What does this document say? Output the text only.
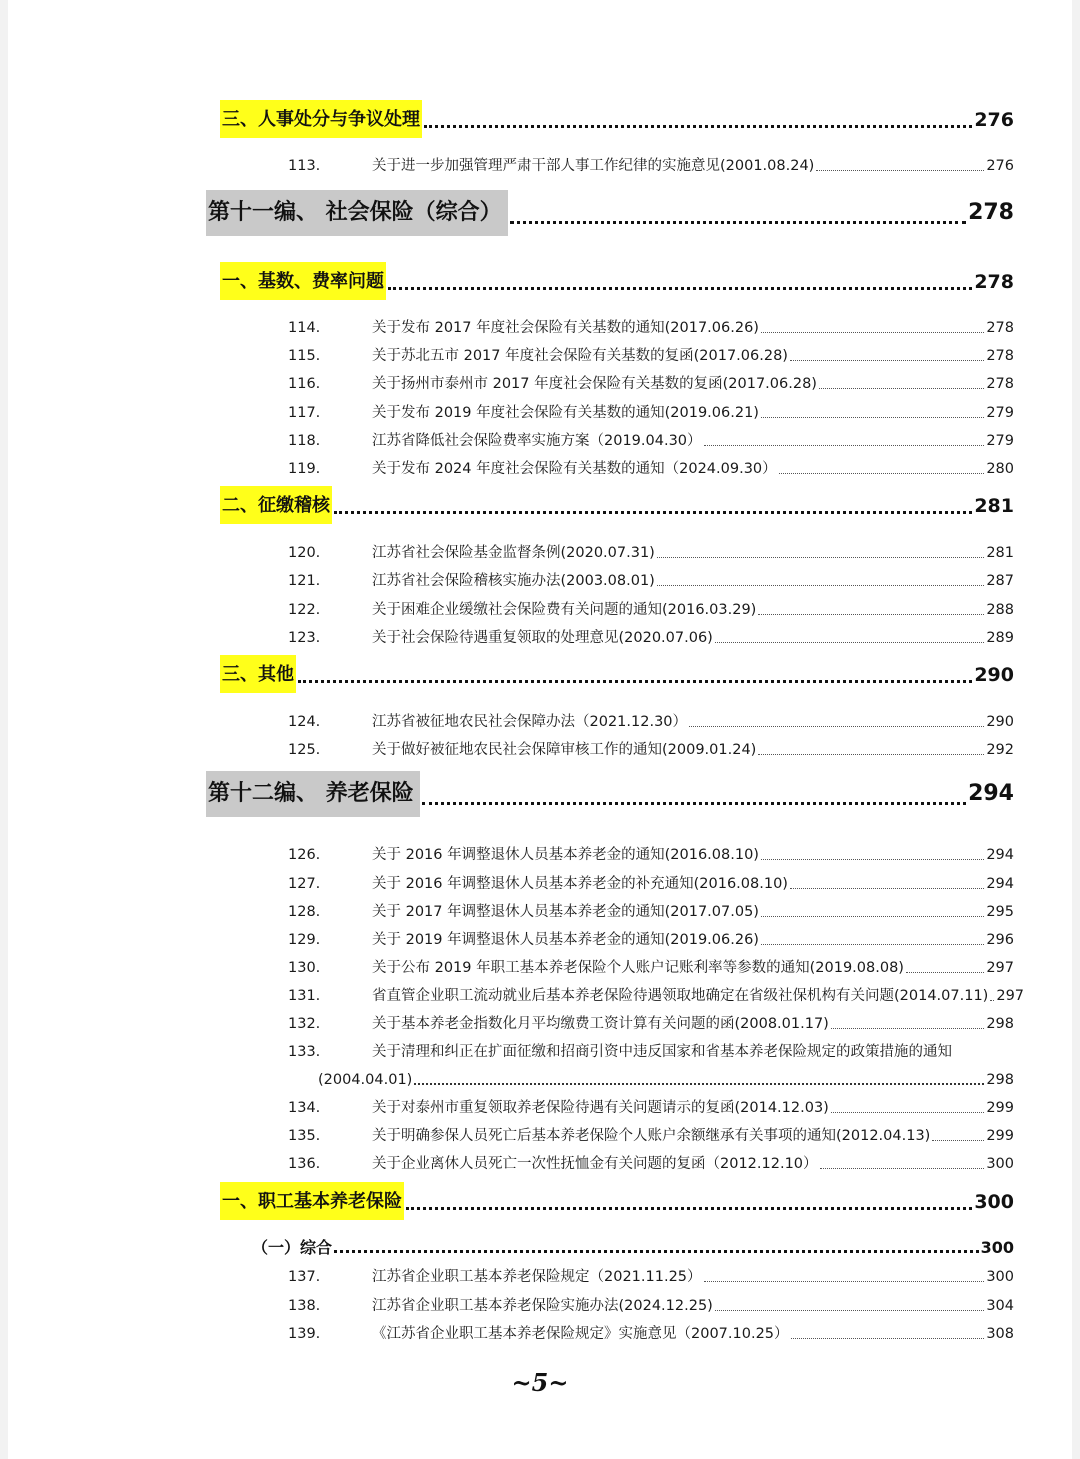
三、人事处分与争议处理	276
113.	关于进一步加强管理严肃干部人事工作纪律的实施意见(2001.08.24)	276
第十一编、 社会保险（综合）	278
一、基数、费率问题	278
114.	关于发布 2017 年度社会保险有关基数的通知(2017.06.26)	278
115.	关于苏北五市 2017 年度社会保险有关基数的复函(2017.06.28)	278
116.	关于扬州市泰州市 2017 年度社会保险有关基数的复函(2017.06.28)	278
117.	关于发布 2019 年度社会保险有关基数的通知(2019.06.21)	279
118.	江苏省降低社会保险费率实施方案（2019.04.30）	279
119.	关于发布 2024 年度社会保险有关基数的通知（2024.09.30）	280
二、征缴稽核	281
120.	江苏省社会保险基金监督条例(2020.07.31)	281
121.	江苏省社会保险稽核实施办法(2003.08.01)	287
122.	关于困难企业缓缴社会保险费有关问题的通知(2016.03.29)	288
123.	关于社会保险待遇重复领取的处理意见(2020.07.06)	289
三、其他	290
124.	江苏省被征地农民社会保障办法（2021.12.30）	290
125.	关于做好被征地农民社会保障审核工作的通知(2009.01.24)	292
第十二编、 养老保险	294
126.	关于 2016 年调整退休人员基本养老金的通知(2016.08.10)	294
127.	关于 2016 年调整退休人员基本养老金的补充通知(2016.08.10)	294
128.	关于 2017 年调整退休人员基本养老金的通知(2017.07.05)	295
129.	关于 2019 年调整退休人员基本养老金的通知(2019.06.26)	296
130.	关于公布 2019 年职工基本养老保险个人账户记账利率等参数的通知(2019.08.08)	297
131.	省直管企业职工流动就业后基本养老保险待遇领取地确定在省级社保机构有关问题(2014.07.11) 297
132.	关于基本养老金指数化月平均缴费工资计算有关问题的函(2008.01.17)	298
133.	关于清理和纠正在扩面征缴和招商引资中违反国家和省基本养老保险规定的政策措施的通知
(2004.04.01)	298
134.	关于对泰州市重复领取养老保险待遇有关问题请示的复函(2014.12.03)	299
135.	关于明确参保人员死亡后基本养老保险个人账户余额继承有关事项的通知(2012.04.13)	299
136.	关于企业离休人员死亡一次性抚恤金有关问题的复函（2012.12.10）	300
一、职工基本养老保险	300
（一）综合	300
137.	江苏省企业职工基本养老保险规定（2021.11.25）	300
138.	江苏省企业职工基本养老保险实施办法(2024.12.25)	304
139.	《江苏省企业职工基本养老保险规定》实施意见（2007.10.25）	308
~5~
